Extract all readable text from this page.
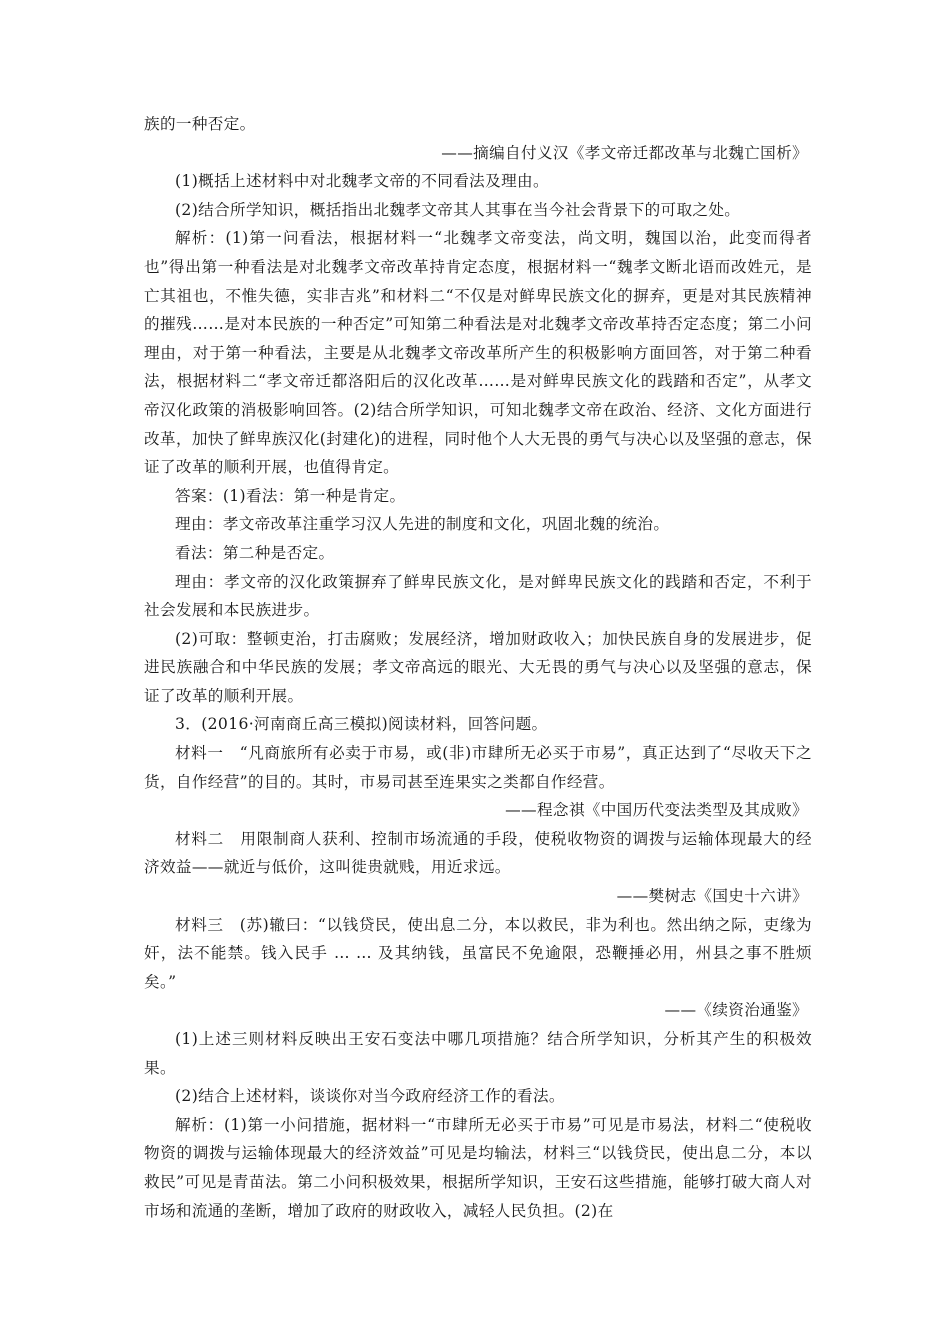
族的一种否定。

——摘编自付义汉《孝文帝迁都改革与北魏亡国析》

(1)概括上述材料中对北魏孝文帝的不同看法及理由。

(2)结合所学知识，概括指出北魏孝文帝其人其事在当今社会背景下的可取之处。

解析：(1)第一问看法，根据材料一“北魏孝文帝变法，尚文明，魏国以治，此变而得者也”得出第一种看法是对北魏孝文帝改革持肯定态度，根据材料一“魏孝文断北语而改姓元，是亡其祖也，不惟失德，实非吉兆”和材料二“不仅是对鲜卑民族文化的摒弃，更是对其民族精神的摧残……是对本民族的一种否定”可知第二种看法是对北魏孝文帝改革持否定态度；第二小问理由，对于第一种看法，主要是从北魏孝文帝改革所产生的积极影响方面回答，对于第二种看法，根据材料二“孝文帝迁都洛阳后的汉化改革……是对鲜卑民族文化的践踏和否定”，从孝文帝汉化政策的消极影响回答。(2)结合所学知识，可知北魏孝文帝在政治、经济、文化方面进行改革，加快了鲜卑族汉化(封建化)的进程，同时他个人大无畏的勇气与决心以及坚强的意志，保证了改革的顺利开展，也值得肯定。

答案：(1)看法：第一种是肯定。

理由：孝文帝改革注重学习汉人先进的制度和文化，巩固北魏的统治。

看法：第二种是否定。

理由：孝文帝的汉化政策摒弃了鲜卑民族文化，是对鲜卑民族文化的践踏和否定，不利于社会发展和本民族进步。

(2)可取：整顿吏治，打击腐败；发展经济，增加财政收入；加快民族自身的发展进步，促进民族融合和中华民族的发展；孝文帝高远的眼光、大无畏的勇气与决心以及坚强的意志，保证了改革的顺利开展。

3．(2016·河南商丘高三模拟)阅读材料，回答问题。

材料一　“凡商旅所有必卖于市易，或(非)市肆所无必买于市易”，真正达到了“尽收天下之货，自作经营”的目的。其时，市易司甚至连果实之类都自作经营。

——程念祺《中国历代变法类型及其成败》

材料二　用限制商人获利、控制市场流通的手段，使税收物资的调拨与运输体现最大的经济效益——就近与低价，这叫徙贵就贱，用近求远。

——樊树志《国史十六讲》

材料三　(苏)辙曰：“以钱贷民，使出息二分，本以救民，非为利也。然出纳之际，吏缘为奸，法不能禁。钱入民手 … … 及其纳钱，虽富民不免逾限，恐鞭捶必用，州县之事不胜烦矣。”

——《续资治通鉴》

(1)上述三则材料反映出王安石变法中哪几项措施？结合所学知识，分析其产生的积极效果。

(2)结合上述材料，谈谈你对当今政府经济工作的看法。

解析：(1)第一小问措施，据材料一“市肆所无必买于市易”可见是市易法，材料二“使税收物资的调拨与运输体现最大的经济效益”可见是均输法，材料三“以钱贷民，使出息二分，本以救民”可见是青苗法。第二小问积极效果，根据所学知识，王安石这些措施，能够打破大商人对市场和流通的垄断，增加了政府的财政收入，减轻人民负担。(2)在
